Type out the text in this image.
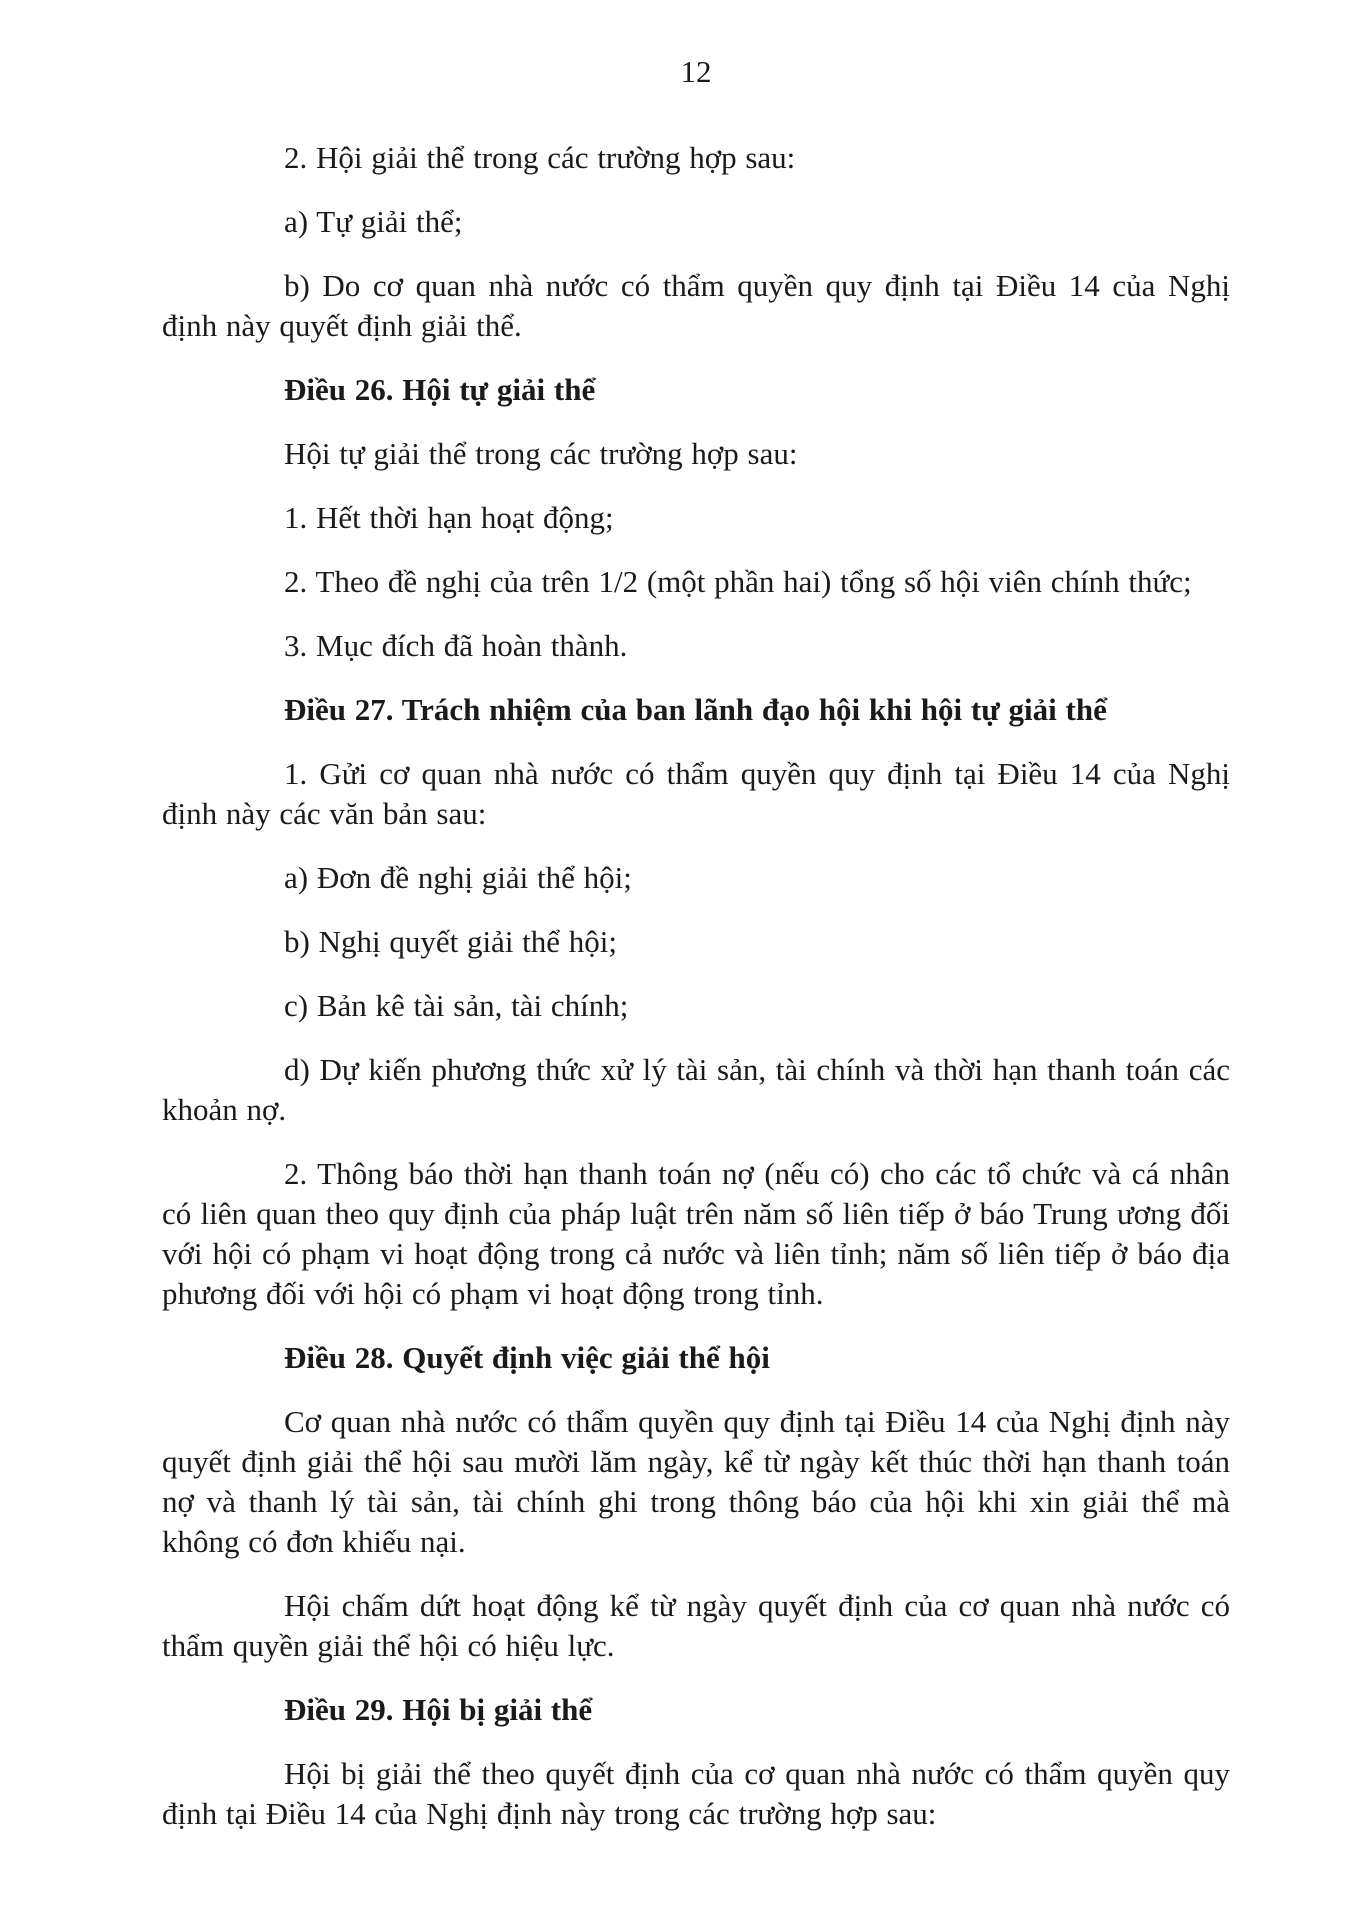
12

2. Hội giải thể trong các trường hợp sau:

a) Tự giải thể;

b) Do cơ quan nhà nước có thẩm quyền quy định tại Điều 14 của Nghị định này quyết định giải thể.

Điều 26. Hội tự giải thể

Hội tự giải thể trong các trường hợp sau:

1. Hết thời hạn hoạt động;

2. Theo đề nghị của trên 1/2 (một phần hai) tổng số hội viên chính thức;

3. Mục đích đã hoàn thành.

Điều 27. Trách nhiệm của ban lãnh đạo hội khi hội tự giải thể

1. Gửi cơ quan nhà nước có thẩm quyền quy định tại Điều 14 của Nghị định này các văn bản sau:

a) Đơn đề nghị giải thể hội;

b) Nghị quyết giải thể hội;

c) Bản kê tài sản, tài chính;

d) Dự kiến phương thức xử lý tài sản, tài chính và thời hạn thanh toán các khoản nợ.

2. Thông báo thời hạn thanh toán nợ (nếu có) cho các tổ chức và cá nhân có liên quan theo quy định của pháp luật trên năm số liên tiếp ở báo Trung ương đối với hội có phạm vi hoạt động trong cả nước và liên tỉnh; năm số liên tiếp ở báo địa phương đối với hội có phạm vi hoạt động trong tỉnh.

Điều 28. Quyết định việc giải thể hội

Cơ quan nhà nước có thẩm quyền quy định tại Điều 14 của Nghị định này quyết định giải thể hội sau mười lăm ngày, kể từ ngày kết thúc thời hạn thanh toán nợ và thanh lý tài sản, tài chính ghi trong thông báo của hội khi xin giải thể mà không có đơn khiếu nại.

Hội chấm dứt hoạt động kể từ ngày quyết định của cơ quan nhà nước có thẩm quyền giải thể hội có hiệu lực.

Điều 29. Hội bị giải thể

Hội bị giải thể theo quyết định của cơ quan nhà nước có thẩm quyền quy định tại Điều 14 của Nghị định này trong các trường hợp sau:
